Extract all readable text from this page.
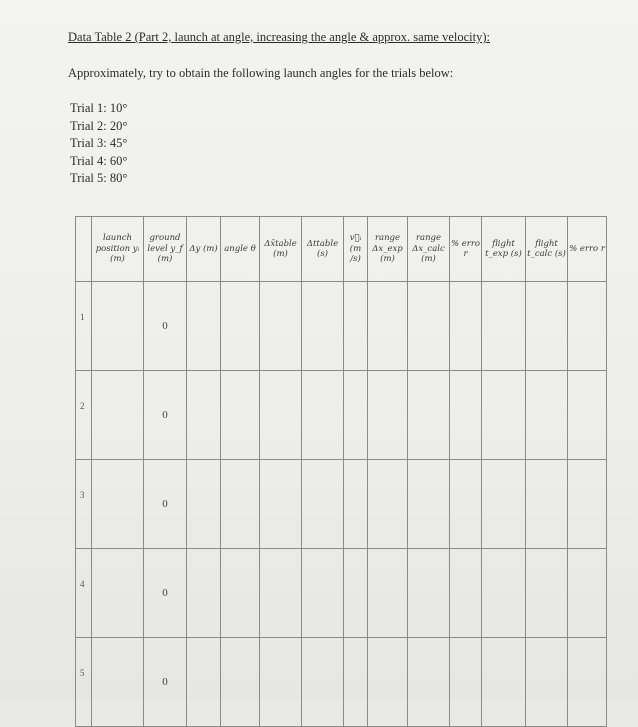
Data Table 2 (Part 2, launch at angle, increasing the angle & approx. same velocity):
Approximately, try to obtain the following launch angles for the trials below:
Trial 1: 10°
Trial 2: 20°
Trial 3: 45°
Trial 4: 60°
Trial 5: 80°
	launch position yᵢ (m)	ground level y_f (m)	Δy (m)	angle θ	Δx̄table (m)	Δttable (s)	v⃗ᵢ (m /s)	range Δx_exp (m)	range Δx_calc (m)	% erro r	flight t_exp (s)	flight t_calc (s)	% erro r
1		0											
2		0											
3		0											
4		0											
5		0											
